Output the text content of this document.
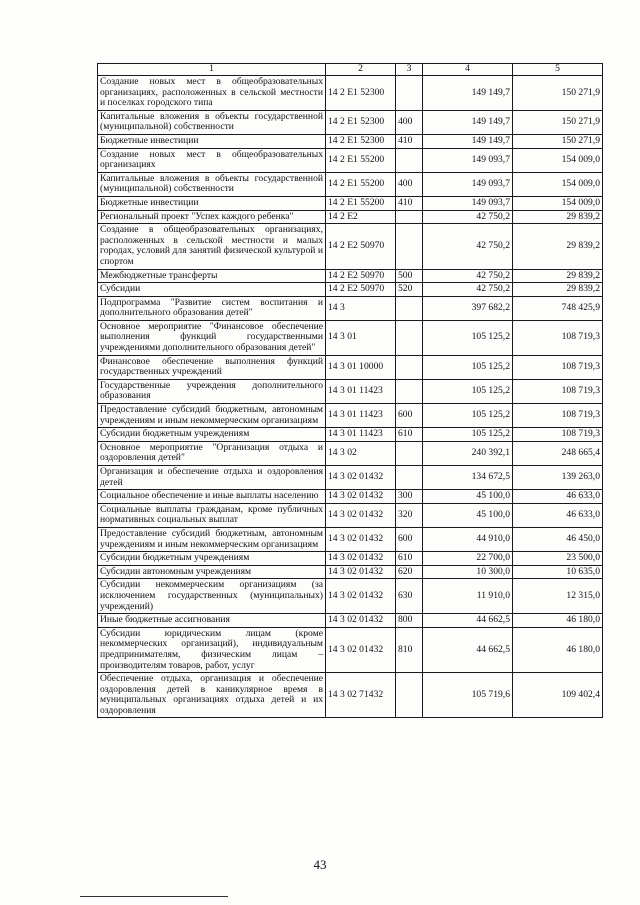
1	2	3	4	5
Создание новых мест в общеобразовательных организациях, расположенных в сельской местности и поселках городского типа	14 2 E1 52300		149 149,7	150 271,9
Капитальные вложения в объекты государственной (муниципальной) собственности	14 2 E1 52300	400	149 149,7	150 271,9
Бюджетные инвестиции	14 2 E1 52300	410	149 149,7	150 271,9
Создание новых мест в общеобразовательных организациях	14 2 E1 55200		149 093,7	154 009,0
Капитальные вложения в объекты государственной (муниципальной) собственности	14 2 E1 55200	400	149 093,7	154 009,0
Бюджетные инвестиции	14 2 E1 55200	410	149 093,7	154 009,0
Региональный проект "Успех каждого ребенка"	14 2 E2		42 750,2	29 839,2
Создание в общеобразовательных организациях, расположенных в сельской местности и малых городах, условий для занятий физической культурой и спортом	14 2 E2 50970		42 750,2	29 839,2
Межбюджетные трансферты	14 2 E2 50970	500	42 750,2	29 839,2
Субсидии	14 2 E2 50970	520	42 750,2	29 839,2
Подпрограмма "Развитие систем воспитания и дополнительного образования детей"	14 3		397 682,2	748 425,9
Основное мероприятие "Финансовое обеспечение выполнения функций государственными учреждениями дополнительного образования детей"	14 3 01		105 125,2	108 719,3
Финансовое обеспечение выполнения функций государственных учреждений	14 3 01 10000		105 125,2	108 719,3
Государственные учреждения дополнительного образования	14 3 01 11423		105 125,2	108 719,3
Предоставление субсидий бюджетным, автономным учреждениям и иным некоммерческим организациям	14 3 01 11423	600	105 125,2	108 719,3
Субсидии бюджетным учреждениям	14 3 01 11423	610	105 125,2	108 719,3
Основное мероприятие "Организация отдыха и оздоровления детей"	14 3 02		240 392,1	248 665,4
Организация и обеспечение отдыха и оздоровления детей	14 3 02 01432		134 672,5	139 263,0
Социальное обеспечение и иные выплаты населению	14 3 02 01432	300	45 100,0	46 633,0
Социальные выплаты гражданам, кроме публичных нормативных социальных выплат	14 3 02 01432	320	45 100,0	46 633,0
Предоставление субсидий бюджетным, автономным учреждениям и иным некоммерческим организациям	14 3 02 01432	600	44 910,0	46 450,0
Субсидии бюджетным учреждениям	14 3 02 01432	610	22 700,0	23 500,0
Субсидии автономным учреждениям	14 3 02 01432	620	10 300,0	10 635,0
Субсидии некоммерческим организациям (за исключением государственных (муниципальных) учреждений)	14 3 02 01432	630	11 910,0	12 315,0
Иные бюджетные ассигнования	14 3 02 01432	800	44 662,5	46 180,0
Субсидии юридическим лицам (кроме некоммерческих организаций), индивидуальным предпринимателям, физическим лицам – производителям товаров, работ, услуг	14 3 02 01432	810	44 662,5	46 180,0
Обеспечение отдыха, организация и обеспечение оздоровления детей в каникулярное время в муниципальных организациях отдыха детей и их оздоровления	14 3 02 71432		105 719,6	109 402,4
43
